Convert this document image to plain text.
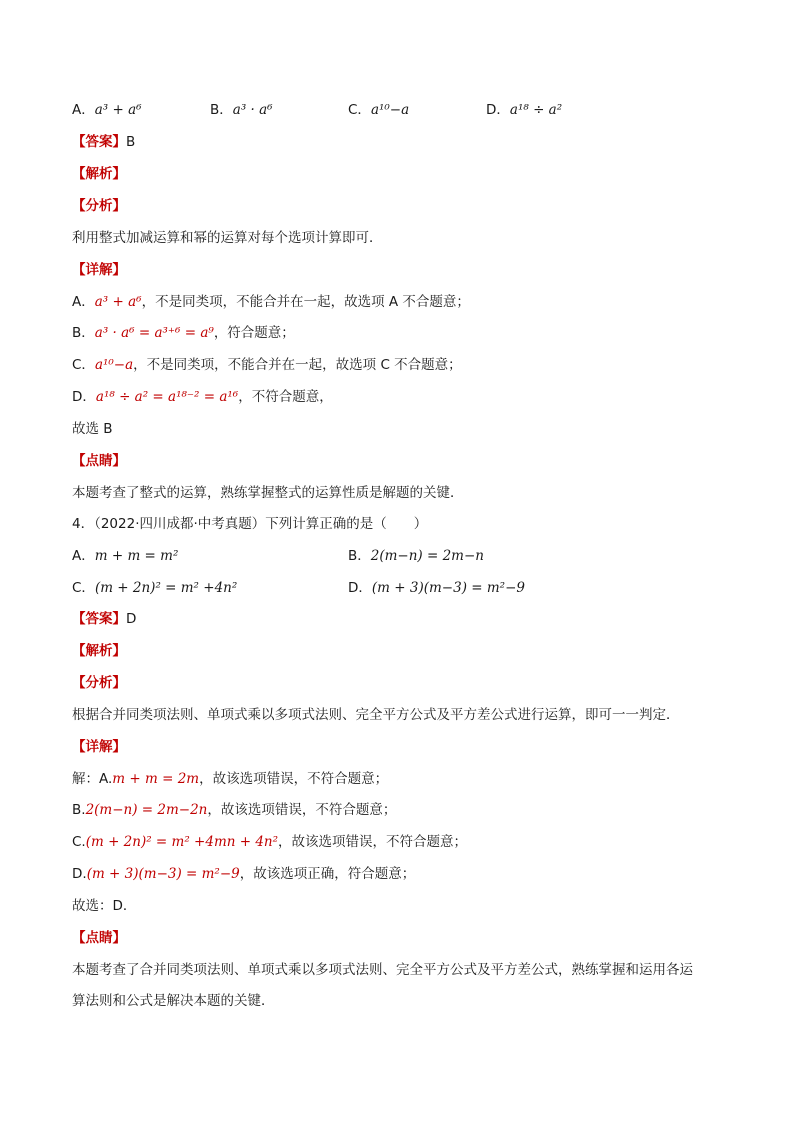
A．a³ + a⁶	B．a³ · a⁶	C．a¹⁰−a	D．a¹⁸ ÷ a²
【答案】B
【解析】
【分析】
利用整式加减运算和幂的运算对每个选项计算即可．
【详解】
A．a³ + a⁶，不是同类项，不能合并在一起，故选项 A 不合题意；
B．a³ · a⁶ = a³⁺⁶ = a⁹，符合题意；
C．a¹⁰−a，不是同类项，不能合并在一起，故选项 C 不合题意；
D．a¹⁸ ÷ a² = a¹⁸⁻² = a¹⁶，不符合题意，
故选 B
【点睛】
本题考查了整式的运算，熟练掌握整式的运算性质是解题的关键．
4．（2022·四川成都·中考真题）下列计算正确的是（　　）
A．m + m = m²	B．2(m−n) = 2m−n
C．(m + 2n)² = m² +4n²	D．(m + 3)(m−3) = m²−9
【答案】D
【解析】
【分析】
根据合并同类项法则、单项式乘以多项式法则、完全平方公式及平方差公式进行运算，即可一一判定．
【详解】
解：A.m + m = 2m，故该选项错误，不符合题意；
B.2(m−n) = 2m−2n，故该选项错误，不符合题意；
C.(m + 2n)² = m² +4mn + 4n²，故该选项错误，不符合题意；
D.(m + 3)(m−3) = m²−9，故该选项正确，符合题意；
故选：D．
【点睛】
本题考查了合并同类项法则、单项式乘以多项式法则、完全平方公式及平方差公式，熟练掌握和运用各运
算法则和公式是解决本题的关键．
